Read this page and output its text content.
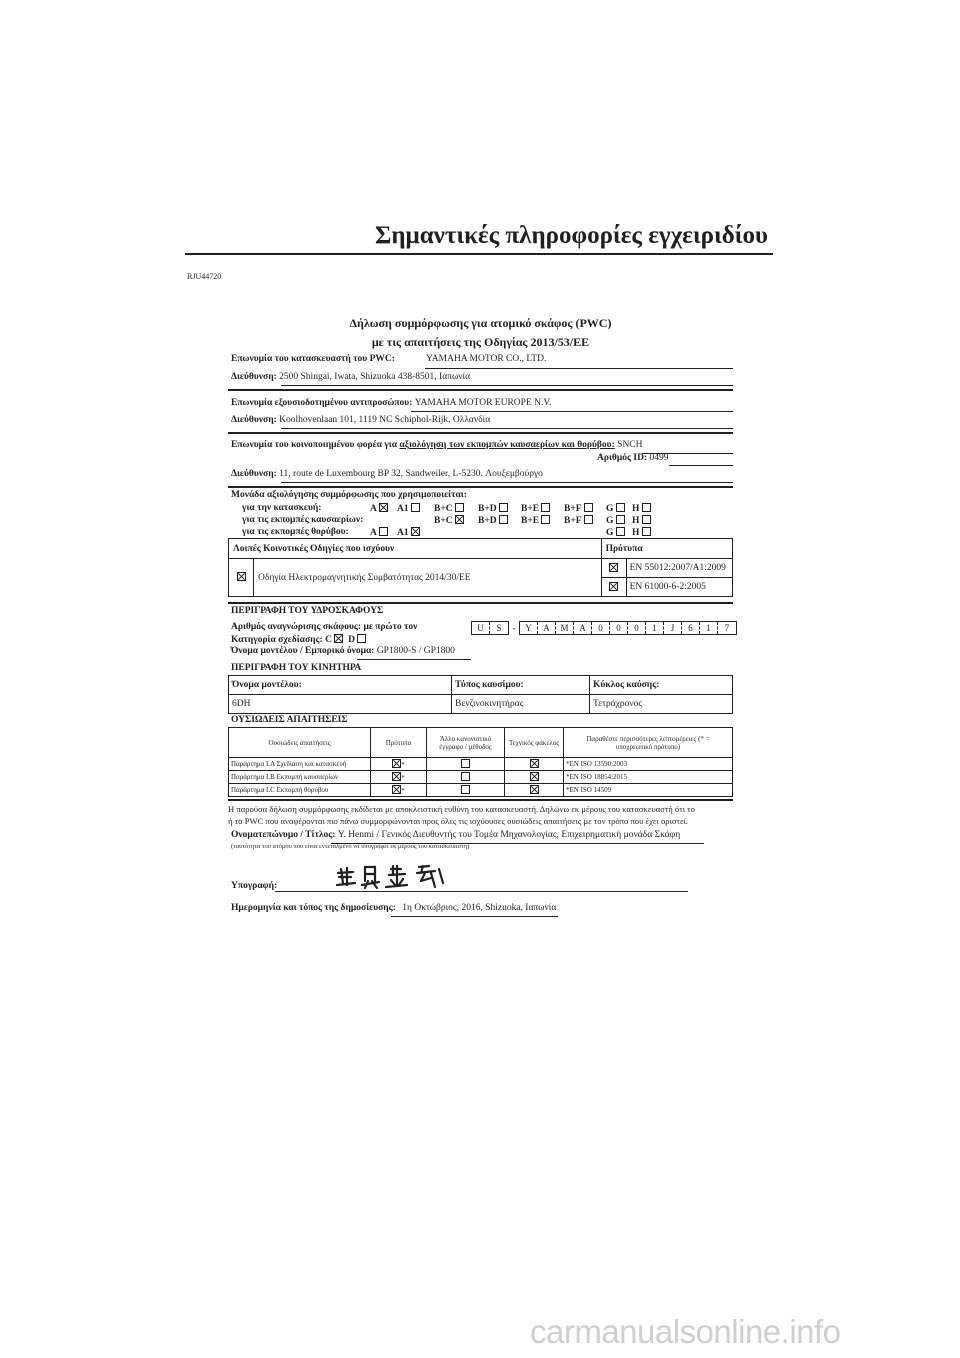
Σημαντικές πληροφορίες εγχειριδίου
RJU44720
Δήλωση συμμόρφωσης για ατομικό σκάφος (PWC)
με τις απαιτήσεις της Οδηγίας 2013/53/ΕΕ
Επωνυμία του κατασκευαστή του PWC:	YAMAHA MOTOR CO., LTD.
Διεύθυνση: 2500 Shingai, Iwata, Shizuoka 438-8501, Ιαπωνία
Επωνυμία εξουσιοδοτημένου αντιπροσώπου: YAMAHA MOTOR EUROPE N.V.
Διεύθυνση: Koolhovenlaan 101, 1119 NC Schiphol-Rijk, Ολλανδία
Επωνυμία του κοινοποιημένου φορέα για αξιολόγηση των εκπομπών καυσαερίων και θορύβου: SNCH
Αριθμός ID: 0499
Διεύθυνση: 11, route de Luxembourg BP 32, Sandweiler, L-5230. Λουξεμβούργο
Μονάδα αξιολόγησης συμμόρφωσης που χρησιμοποιείται:
για την κατασκευή:	A	A1	B+C	B+D	B+E	B+F	G	H
για τις εκπομπές καυσαερίων:	B+C	B+D	B+E	B+F	G	H
για τις εκπομπές θορύβου: A	A1	G	H
Λοιπές Κοινοτικές Οδηγίες που ισχύουν		Πρότυπα	
	Οδηγία Ηλεκτρομαγνητικής Συμβατότητας 2014/30/ΕΕ		EN 55012:2007/A1:2009
			EN 61000-6-2:2005
ΠΕΡΙΓΡΑΦΗ ΤΟΥ ΥΔΡΟΣΚΑΦΟΥΣ
Αριθμός αναγνώρισης σκάφους: με πρώτο τον	U S - Y A M A 0 0 0 1 J 6 1 7
Κατηγορία σχεδίασης: C D
Όνομα μοντέλου / Εμπορικό όνομα: GP1800-S / GP1800
ΠΕΡΙΓΡΑΦΗ ΤΟΥ ΚΙΝΗΤΗΡΑ
Όνομα μοντέλου:	Τύπος καυσίμου:	Κύκλος καύσης:
6DH	Βενζινοκινητήρας	Τετράχρονος
ΟΥΣΙΩΔΕΙΣ ΑΠΑΙΤΗΣΕΙΣ
Ουσιώδεις απαιτήσεις	Πρότυπα	Άλλο κανονιστικό έγγραφο / μέθοδος	Τεχνικός φάκελος	Παραθέστε περισσότερες λεπτομέρειες (* = υποχρεωτικό πρότυπο)
Παράρτημα I.A Σχεδίαση και κατασκευή	*			*EN ISO 13590:2003
Παράρτημα I.B Εκπομπή καυσαερίων	*			*EN ISO 18854:2015
Παράρτημα I.C Εκπομπή θορύβου	*			*EN ISO 14509
Η παρούσα δήλωση συμμόρφωσης εκδίδεται με αποκλειστική ευθύνη του κατασκευαστή. Δηλώνω εκ μέρους του κατασκευαστή ότι το
ή τα PWC που αναφέρονται πιο πάνω συμμορφώνονται προς όλες τις ισχύουσες ουσιώδεις απαιτήσεις με τον τρόπο που έχει οριστεί.
Ονοματεπώνυμο / Τίτλος: Y. Henmi / Γενικός Διευθυντής του Τομέα Μηχανολογίας, Επιχειρηματική μονάδα Σκάφη
(ταυτότητα του ατόμου που είναι εντεταλμένο να υπογράφει εκ μέρους του κατασκευαστή)
Υπογραφή:
Ημερομηνία και τόπος της δημοσίευσης: 1η Οκτώβριος, 2016, Shizuoka, Ιαπωνία
carmanualsonline.info
